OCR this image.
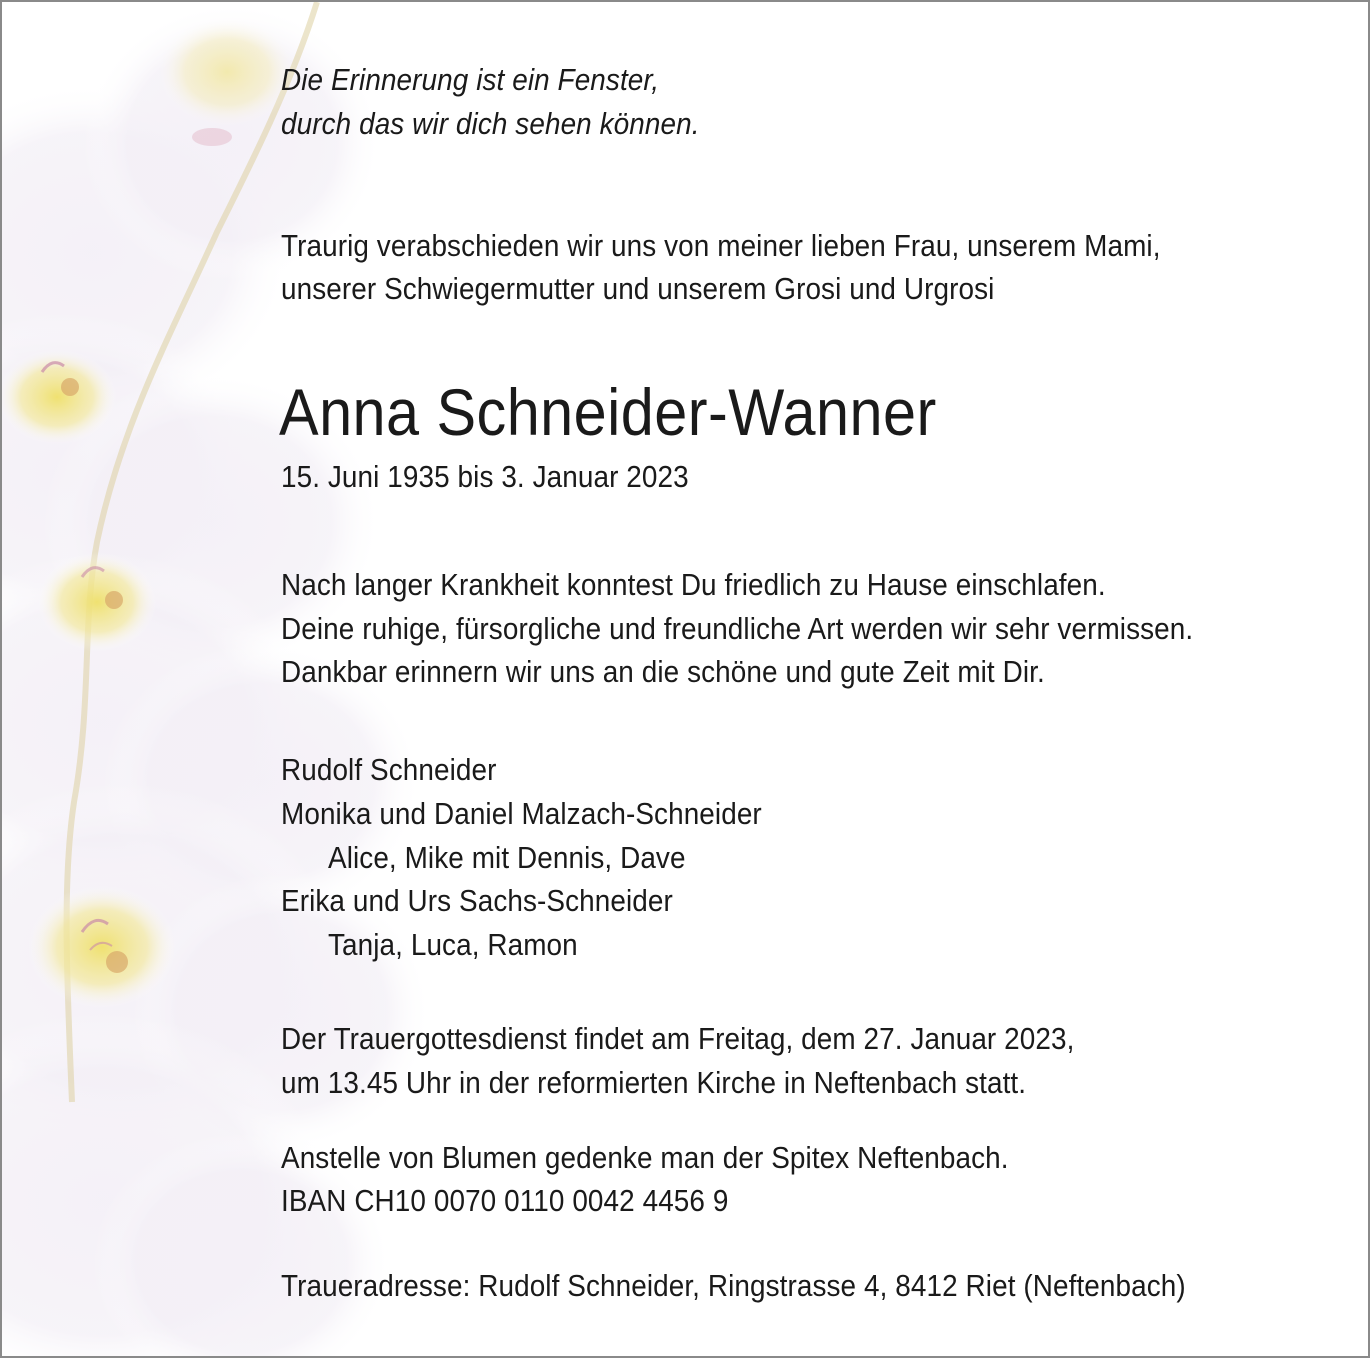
Die Erinnerung ist ein Fenster,
durch das wir dich sehen können.
Traurig verabschieden wir uns von meiner lieben Frau, unserem Mami,
unserer Schwiegermutter und unserem Grosi und Urgrosi
Anna Schneider-Wanner
15. Juni 1935 bis 3. Januar 2023
Nach langer Krankheit konntest Du friedlich zu Hause einschlafen.
Deine ruhige, fürsorgliche und freundliche Art werden wir sehr vermissen.
Dankbar erinnern wir uns an die schöne und gute Zeit mit Dir.
Rudolf Schneider
Monika und Daniel Malzach-Schneider
Alice, Mike mit Dennis, Dave
Erika und Urs Sachs-Schneider
Tanja, Luca, Ramon
Der Trauergottesdienst findet am Freitag, dem 27. Januar 2023,
um 13.45 Uhr in der reformierten Kirche in Neftenbach statt.
Anstelle von Blumen gedenke man der Spitex Neftenbach.
IBAN CH10 0070 0110 0042 4456 9
Traueradresse: Rudolf Schneider, Ringstrasse 4, 8412 Riet (Neftenbach)
